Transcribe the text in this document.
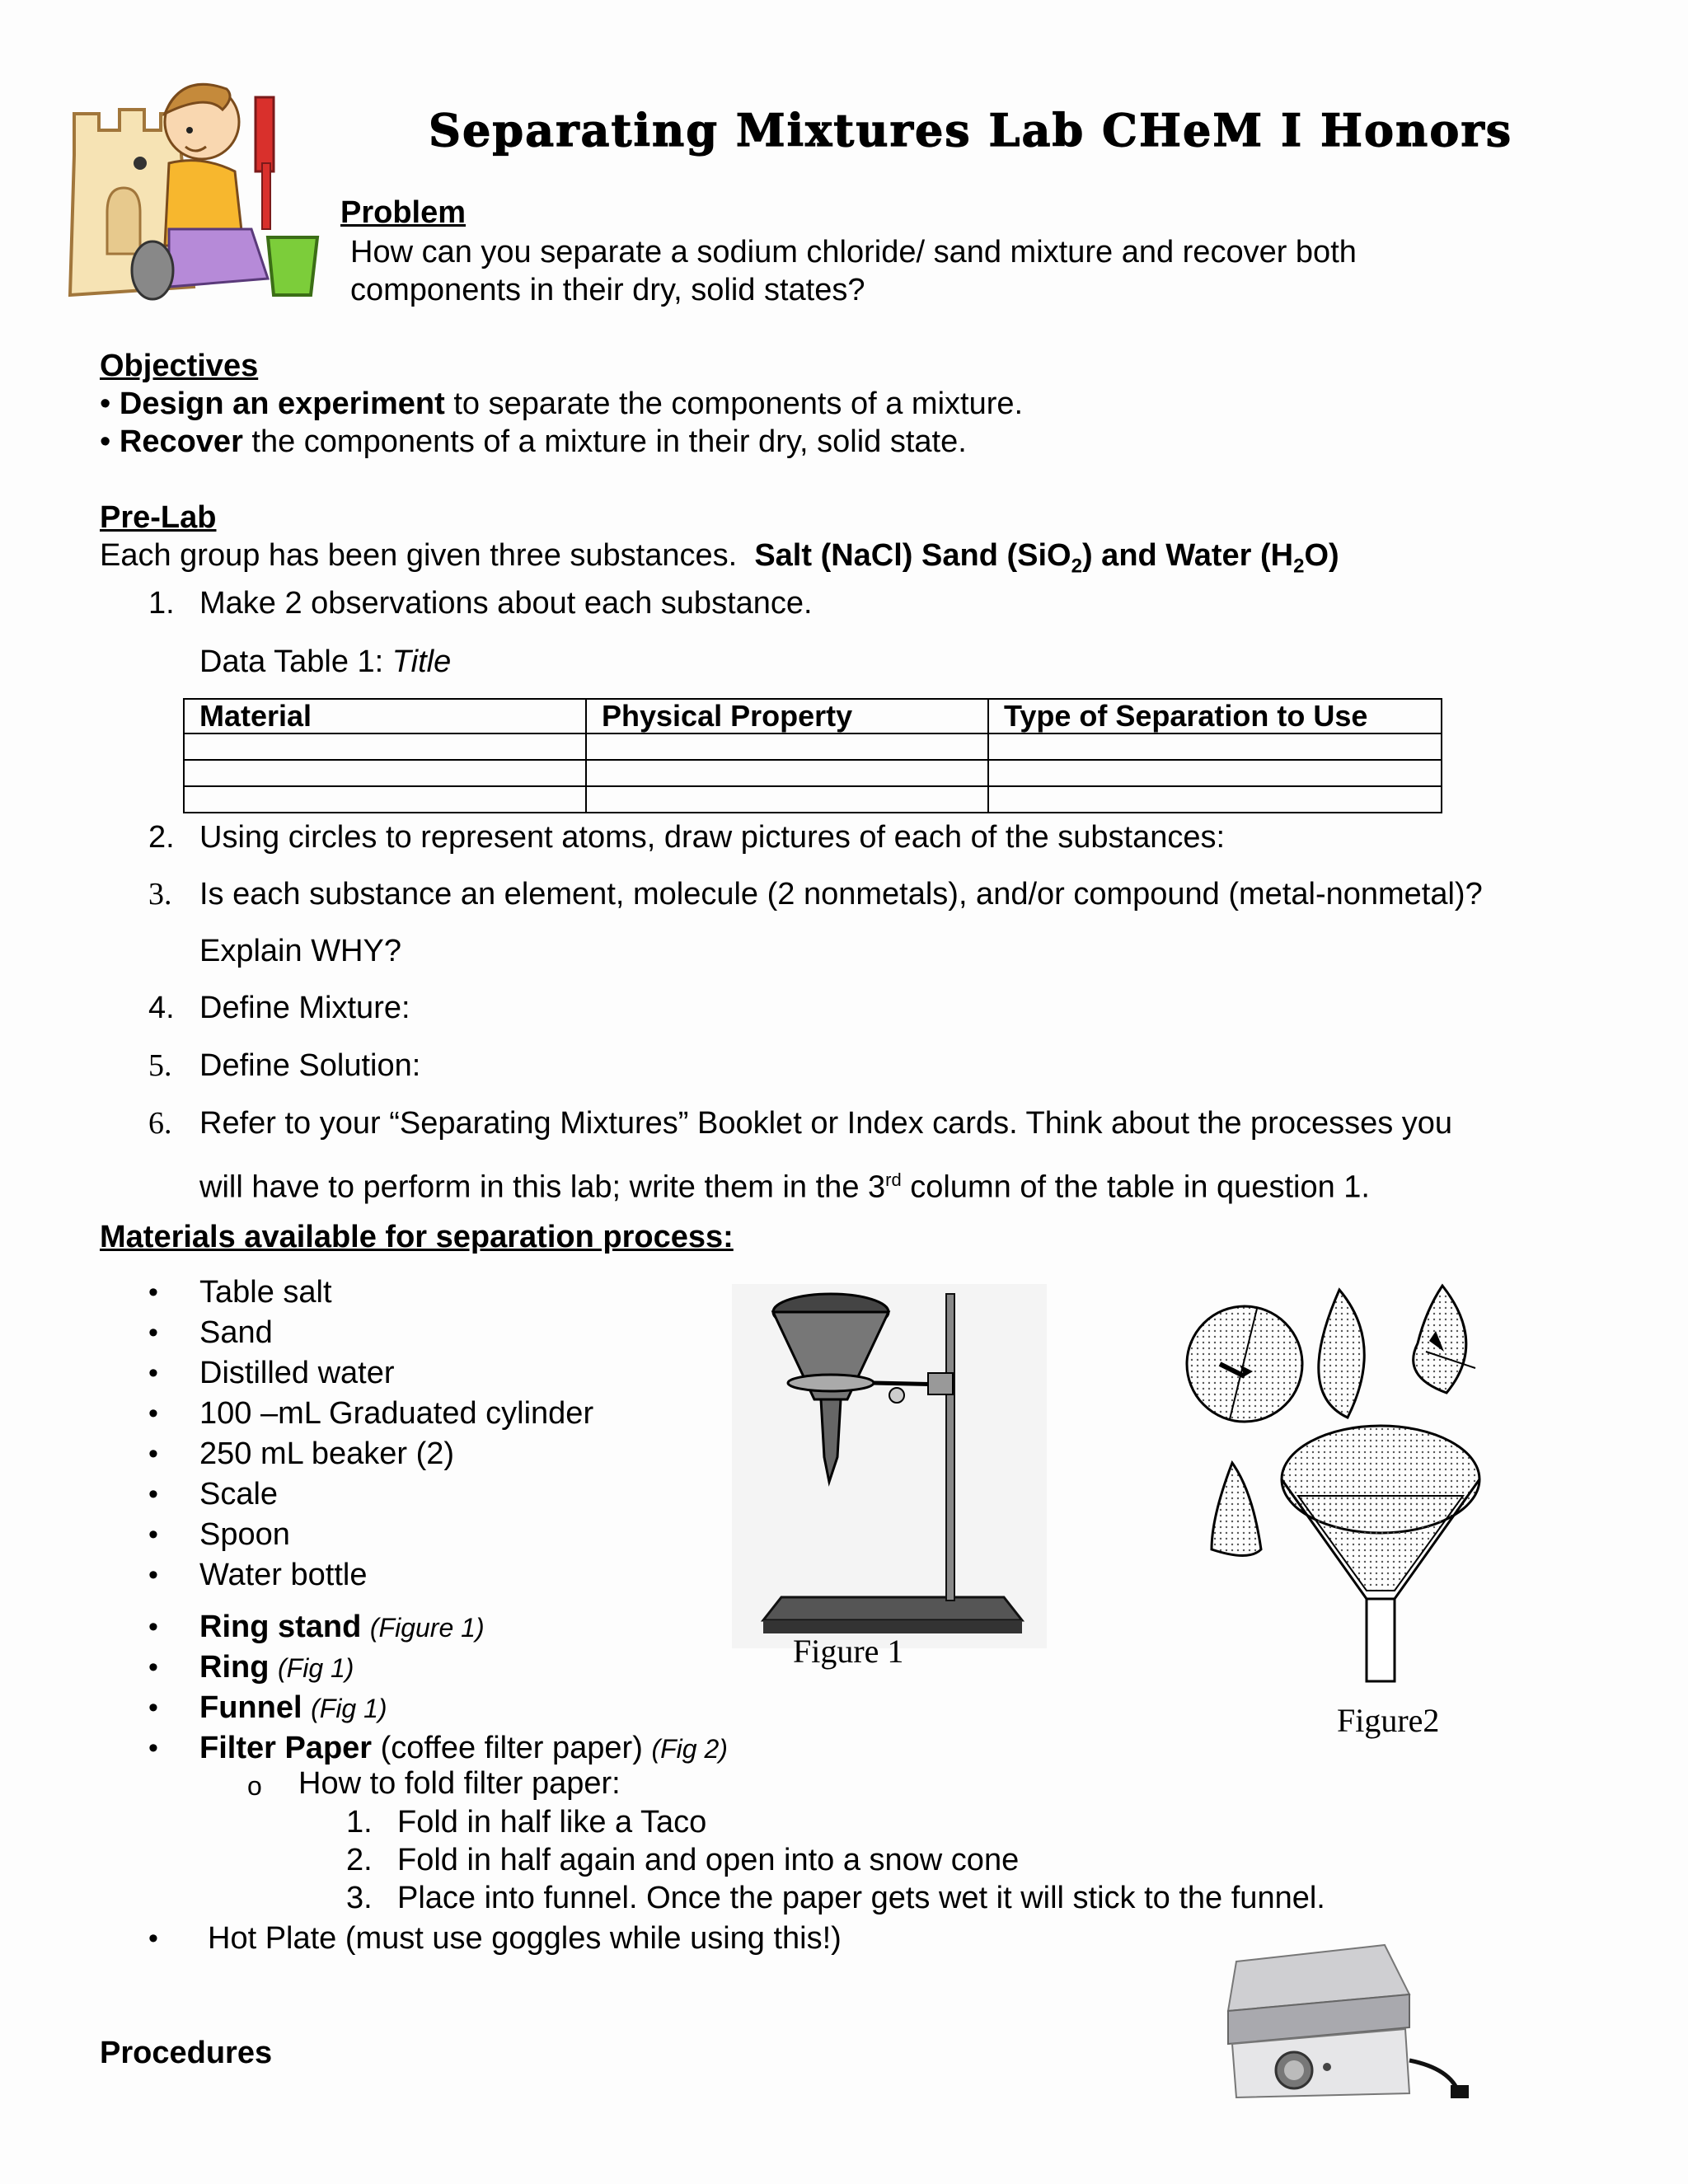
Separating Mixtures Lab CHeM I Honors
Problem
How can you separate a sodium chloride/ sand mixture and recover both
components in their dry, solid states?
Objectives
• Design an experiment to separate the components of a mixture.
• Recover the components of a mixture in their dry, solid state.
Pre-Lab
Each group has been given three substances. Salt (NaCl) Sand (SiO$_2$) and Water $(H_2O)$
1. Make 2 observations about each substance.
Data Table 1: Title
Material	Physical Property	Type of Separation to Use

2. Using circles to represent atoms, draw pictures of each of the substances:
3. Is each substance an element, molecule (2 nonmetals), and/or compound (metal-nonmetal)?
Explain WHY?
4. Define Mixture:
5. Define Solution:
6. Refer to your “Separating Mixtures” Booklet or Index cards. Think about the processes you
will have to perform in this lab; write them in the 3rd column of the table in question 1.
Materials available for separation process:
•	Table salt
•	Sand
•	Distilled water
•	100 –mL Graduated cylinder
•	250 mL beaker (2)
•	Scale
•	Spoon
•	Water bottle
•	Ring stand (Figure 1)
•	Ring (Fig 1)
•	Funnel (Fig 1)
•	Filter Paper (coffee filter paper) (Fig 2)
o How to fold filter paper:
1. Fold in half like a Taco
2. Fold in half again and open into a snow cone
3. Place into funnel. Once the paper gets wet it will stick to the funnel.
•	Hot Plate (must use goggles while using this!)
Procedures
Figure 1
Figure2
